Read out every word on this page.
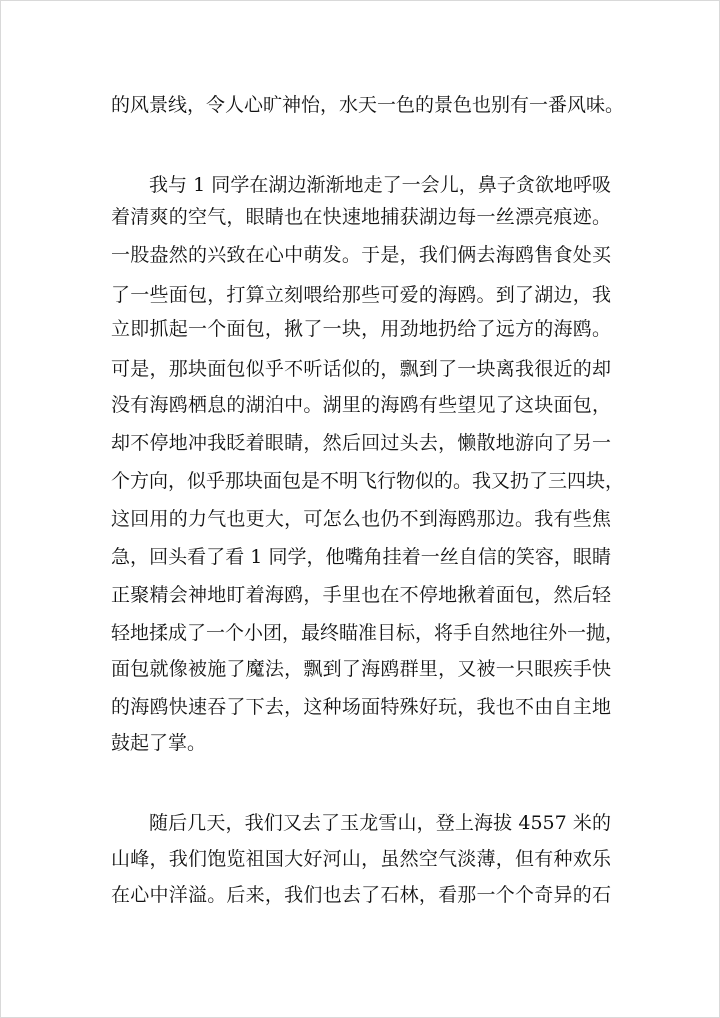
的风景线，令人心旷神怡，水天一色的景色也别有一番风味。
我与 1 同学在湖边渐渐地走了一会儿，鼻子贪欲地呼吸
着清爽的空气，眼睛也在快速地捕获湖边每一丝漂亮痕迹。
一股盎然的兴致在心中萌发。于是，我们俩去海鸥售食处买
了一些面包，打算立刻喂给那些可爱的海鸥。到了湖边，我
立即抓起一个面包，揪了一块，用劲地扔给了远方的海鸥。
可是，那块面包似乎不听话似的，飘到了一块离我很近的却
没有海鸥栖息的湖泊中。湖里的海鸥有些望见了这块面包，
却不停地冲我眨着眼睛，然后回过头去，懒散地游向了另一
个方向，似乎那块面包是不明飞行物似的。我又扔了三四块，
这回用的力气也更大，可怎么也仍不到海鸥那边。我有些焦
急，回头看了看 1 同学，他嘴角挂着一丝自信的笑容，眼睛
正聚精会神地盯着海鸥，手里也在不停地揪着面包，然后轻
轻地揉成了一个小团，最终瞄准目标，将手自然地往外一抛，
面包就像被施了魔法，飘到了海鸥群里，又被一只眼疾手快
的海鸥快速吞了下去，这种场面特殊好玩，我也不由自主地
鼓起了掌。
随后几天，我们又去了玉龙雪山，登上海拔 4557 米的
山峰，我们饱览祖国大好河山，虽然空气淡薄，但有种欢乐
在心中洋溢。后来，我们也去了石林，看那一个个奇异的石
